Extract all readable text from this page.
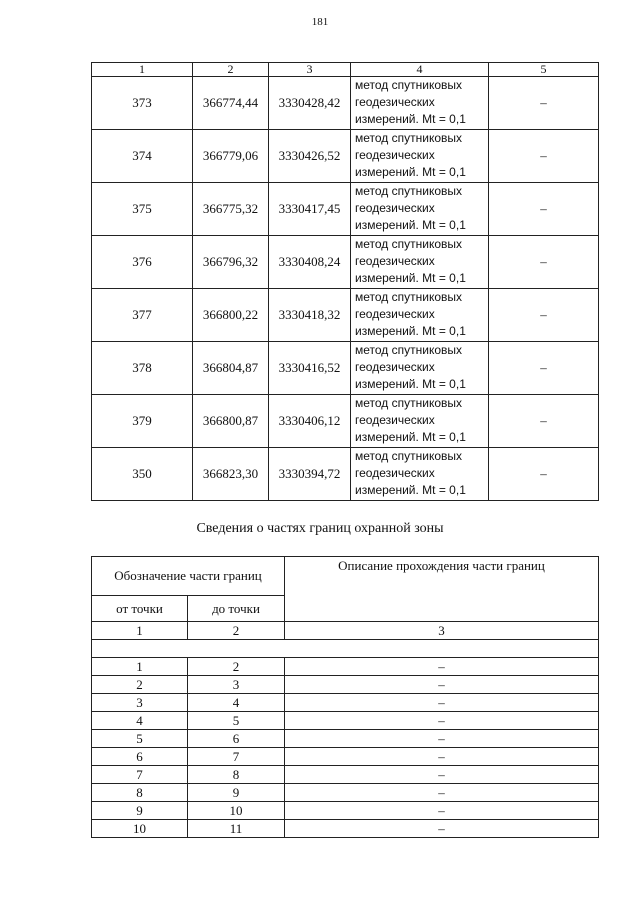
181
1	2	3	4	5
373	366774,44	3330428,42	метод спутниковых
геодезических
измерений. Mt = 0,1	–
374	366779,06	3330426,52	метод спутниковых
геодезических
измерений. Mt = 0,1	–
375	366775,32	3330417,45	метод спутниковых
геодезических
измерений. Mt = 0,1	–
376	366796,32	3330408,24	метод спутниковых
геодезических
измерений. Mt = 0,1	–
377	366800,22	3330418,32	метод спутниковых
геодезических
измерений. Mt = 0,1	–
378	366804,87	3330416,52	метод спутниковых
геодезических
измерений. Mt = 0,1	–
379	366800,87	3330406,12	метод спутниковых
геодезических
измерений. Mt = 0,1	–
350	366823,30	3330394,72	метод спутниковых
геодезических
измерений. Mt = 0,1	–
Сведения о частях границ охранной зоны
Обозначение части границ		Описание прохождения части границ
от точки	до точки	
1	2	3

1	2	–
2	3	–
3	4	–
4	5	–
5	6	–
6	7	–
7	8	–
8	9	–
9	10	–
10	11	–
